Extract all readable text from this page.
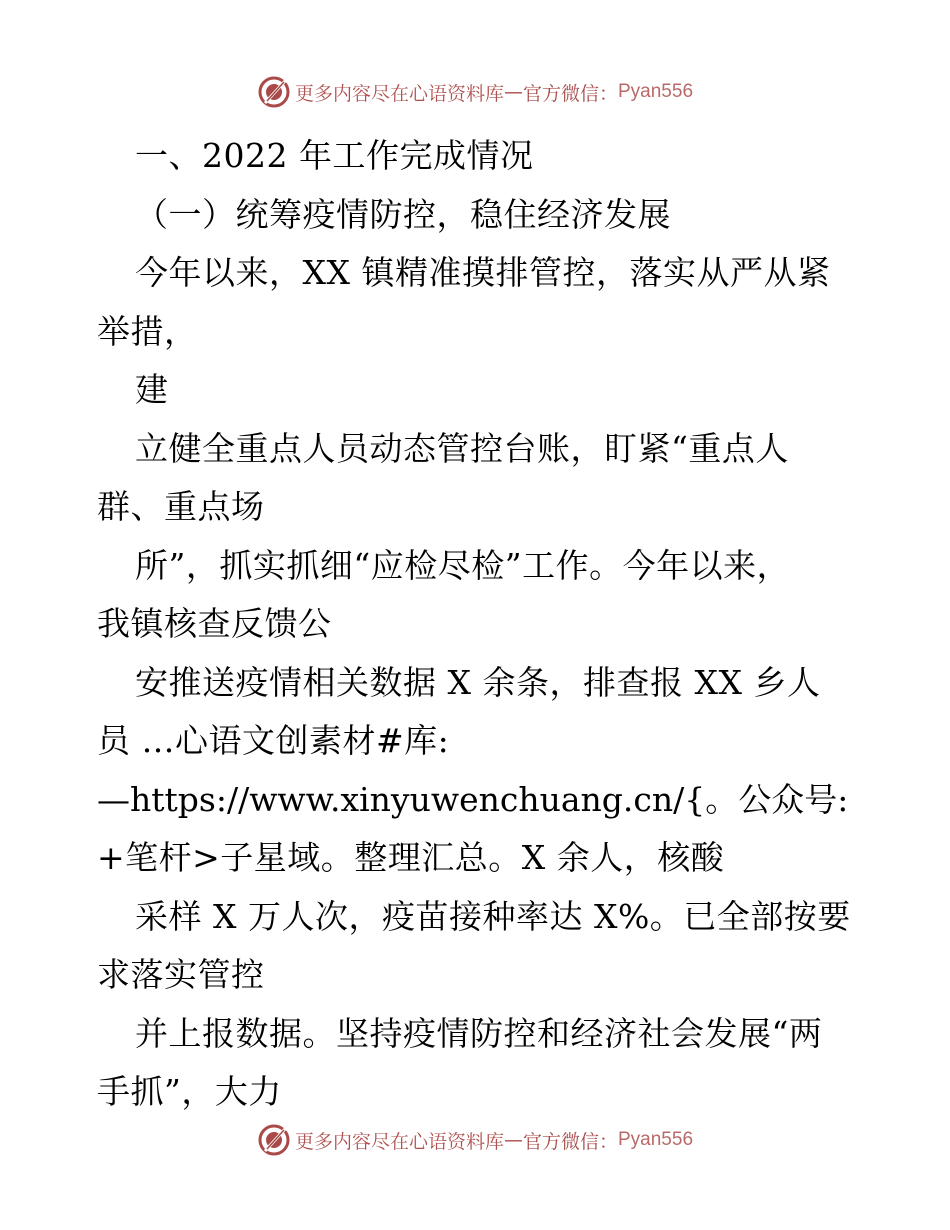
更多内容尽在心语资料库 — 官方微信： Pyan556
一、2022 年工作完成情况
（一）统筹疫情防控，稳住经济发展
今年以来，XX 镇精准摸排管控，落实从严从紧
举措，
建
立健全重点人员动态管控台账，盯紧“重点人
群、重点场
所”，抓实抓细“应检尽检”工作。今年以来，
我镇核查反馈公
安推送疫情相关数据 X 余条，排查报 XX 乡人
员 …心语文创素材#库:
—https://www.xinyuwenchuang.cn/{。公众号:
+笔杆>子星域。整理汇总。X 余人，核酸
采样 X 万人次，疫苗接种率达 X%。已全部按要
求落实管控
并上报数据。坚持疫情防控和经济社会发展“两
手抓”，大力
更多内容尽在心语资料库 — 官方微信： Pyan556
